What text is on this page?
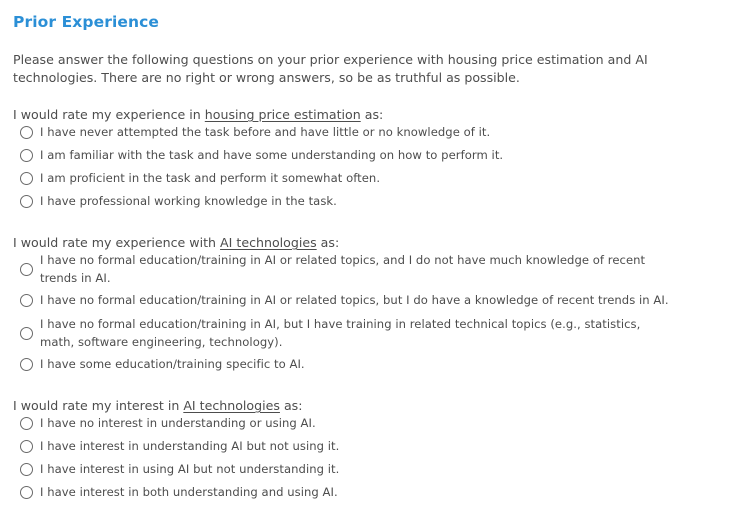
Prior Experience

Please answer the following questions on your prior experience with housing price estimation and AI technologies. There are no right or wrong answers, so be as truthful as possible.

I would rate my experience in housing price estimation as:

I have never attempted the task before and have little or no knowledge of it.
I am familiar with the task and have some understanding on how to perform it.
I am proficient in the task and perform it somewhat often.
I have professional working knowledge in the task.

I would rate my experience with AI technologies as:

I have no formal education/training in AI or related topics, and I do not have much knowledge of recent trends in AI.
I have no formal education/training in AI or related topics, but I do have a knowledge of recent trends in AI.
I have no formal education/training in AI, but I have training in related technical topics (e.g., statistics, math, software engineering, technology).
I have some education/training specific to AI.

I would rate my interest in AI technologies as:

I have no interest in understanding or using AI.
I have interest in understanding AI but not using it.
I have interest in using AI but not understanding it.
I have interest in both understanding and using AI.
